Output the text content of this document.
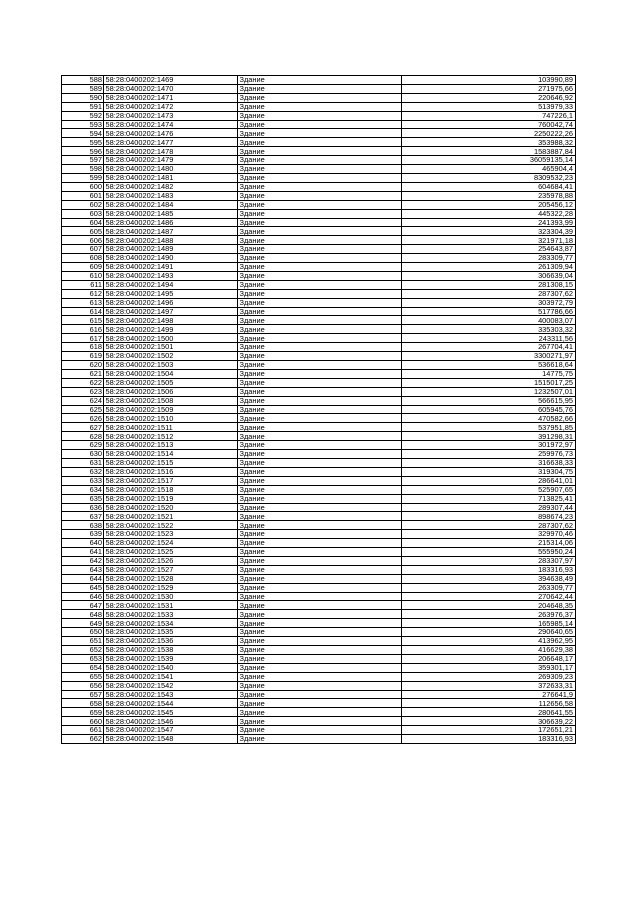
588	58:28:0400202:1469	Здание	103990,89
589	58:28:0400202:1470	Здание	271975,66
590	58:28:0400202:1471	Здание	220646,92
591	58:28:0400202:1472	Здание	513979,33
592	58:28:0400202:1473	Здание	747226,1
593	58:28:0400202:1474	Здание	760042,74
594	58:28:0400202:1476	Здание	2250222,26
595	58:28:0400202:1477	Здание	353988,32
596	58:28:0400202:1478	Здание	1583887,84
597	58:28:0400202:1479	Здание	36059135,14
598	58:28:0400202:1480	Здание	465904,4
599	58:28:0400202:1481	Здание	8309532,23
600	58:28:0400202:1482	Здание	604684,41
601	58:28:0400202:1483	Здание	235978,88
602	58:28:0400202:1484	Здание	205456,12
603	58:28:0400202:1485	Здание	445322,28
604	58:28:0400202:1486	Здание	241393,99
605	58:28:0400202:1487	Здание	323304,39
606	58:28:0400202:1488	Здание	321971,18
607	58:28:0400202:1489	Здание	254643,87
608	58:28:0400202:1490	Здание	283309,77
609	58:28:0400202:1491	Здание	261309,94
610	58:28:0400202:1493	Здание	306639,04
611	58:28:0400202:1494	Здание	281308,15
612	58:28:0400202:1495	Здание	287307,62
613	58:28:0400202:1496	Здание	303972,79
614	58:28:0400202:1497	Здание	517786,66
615	58:28:0400202:1498	Здание	400083,07
616	58:28:0400202:1499	Здание	335303,32
617	58:28:0400202:1500	Здание	243311,56
618	58:28:0400202:1501	Здание	267704,41
619	58:28:0400202:1502	Здание	3300271,97
620	58:28:0400202:1503	Здание	536618,64
621	58:28:0400202:1504	Здание	14775,75
622	58:28:0400202:1505	Здание	1515017,25
623	58:28:0400202:1506	Здание	1232507,01
624	58:28:0400202:1508	Здание	566615,95
625	58:28:0400202:1509	Здание	605945,76
626	58:28:0400202:1510	Здание	470582,66
627	58:28:0400202:1511	Здание	537951,85
628	58:28:0400202:1512	Здание	391298,31
629	58:28:0400202:1513	Здание	301972,97
630	58:28:0400202:1514	Здание	259976,73
631	58:28:0400202:1515	Здание	316638,33
632	58:28:0400202:1516	Здание	319304,75
633	58:28:0400202:1517	Здание	286641,01
634	58:28:0400202:1518	Здание	525907,65
635	58:28:0400202:1519	Здание	713825,41
636	58:28:0400202:1520	Здание	289307,44
637	58:28:0400202:1521	Здание	898674,23
638	58:28:0400202:1522	Здание	287307,62
639	58:28:0400202:1523	Здание	329970,46
640	58:28:0400202:1524	Здание	215314,06
641	58:28:0400202:1525	Здание	555950,24
642	58:28:0400202:1526	Здание	283307,97
643	58:28:0400202:1527	Здание	183316,93
644	58:28:0400202:1528	Здание	394638,49
645	58:28:0400202:1529	Здание	263309,77
646	58:28:0400202:1530	Здание	270642,44
647	58:28:0400202:1531	Здание	204648,35
648	58:28:0400202:1533	Здание	263976,37
649	58:28:0400202:1534	Здание	165985,14
650	58:28:0400202:1535	Здание	290640,65
651	58:28:0400202:1536	Здание	413962,95
652	58:28:0400202:1538	Здание	416629,38
653	58:28:0400202:1539	Здание	206648,17
654	58:28:0400202:1540	Здание	359301,17
655	58:28:0400202:1541	Здание	269309,23
656	58:28:0400202:1542	Здание	372633,31
657	58:28:0400202:1543	Здание	276641,9
658	58:28:0400202:1544	Здание	112656,58
659	58:28:0400202:1545	Здание	280641,55
660	58:28:0400202:1546	Здание	306639,22
661	58:28:0400202:1547	Здание	172651,21
662	58:28:0400202:1548	Здание	183316,93
